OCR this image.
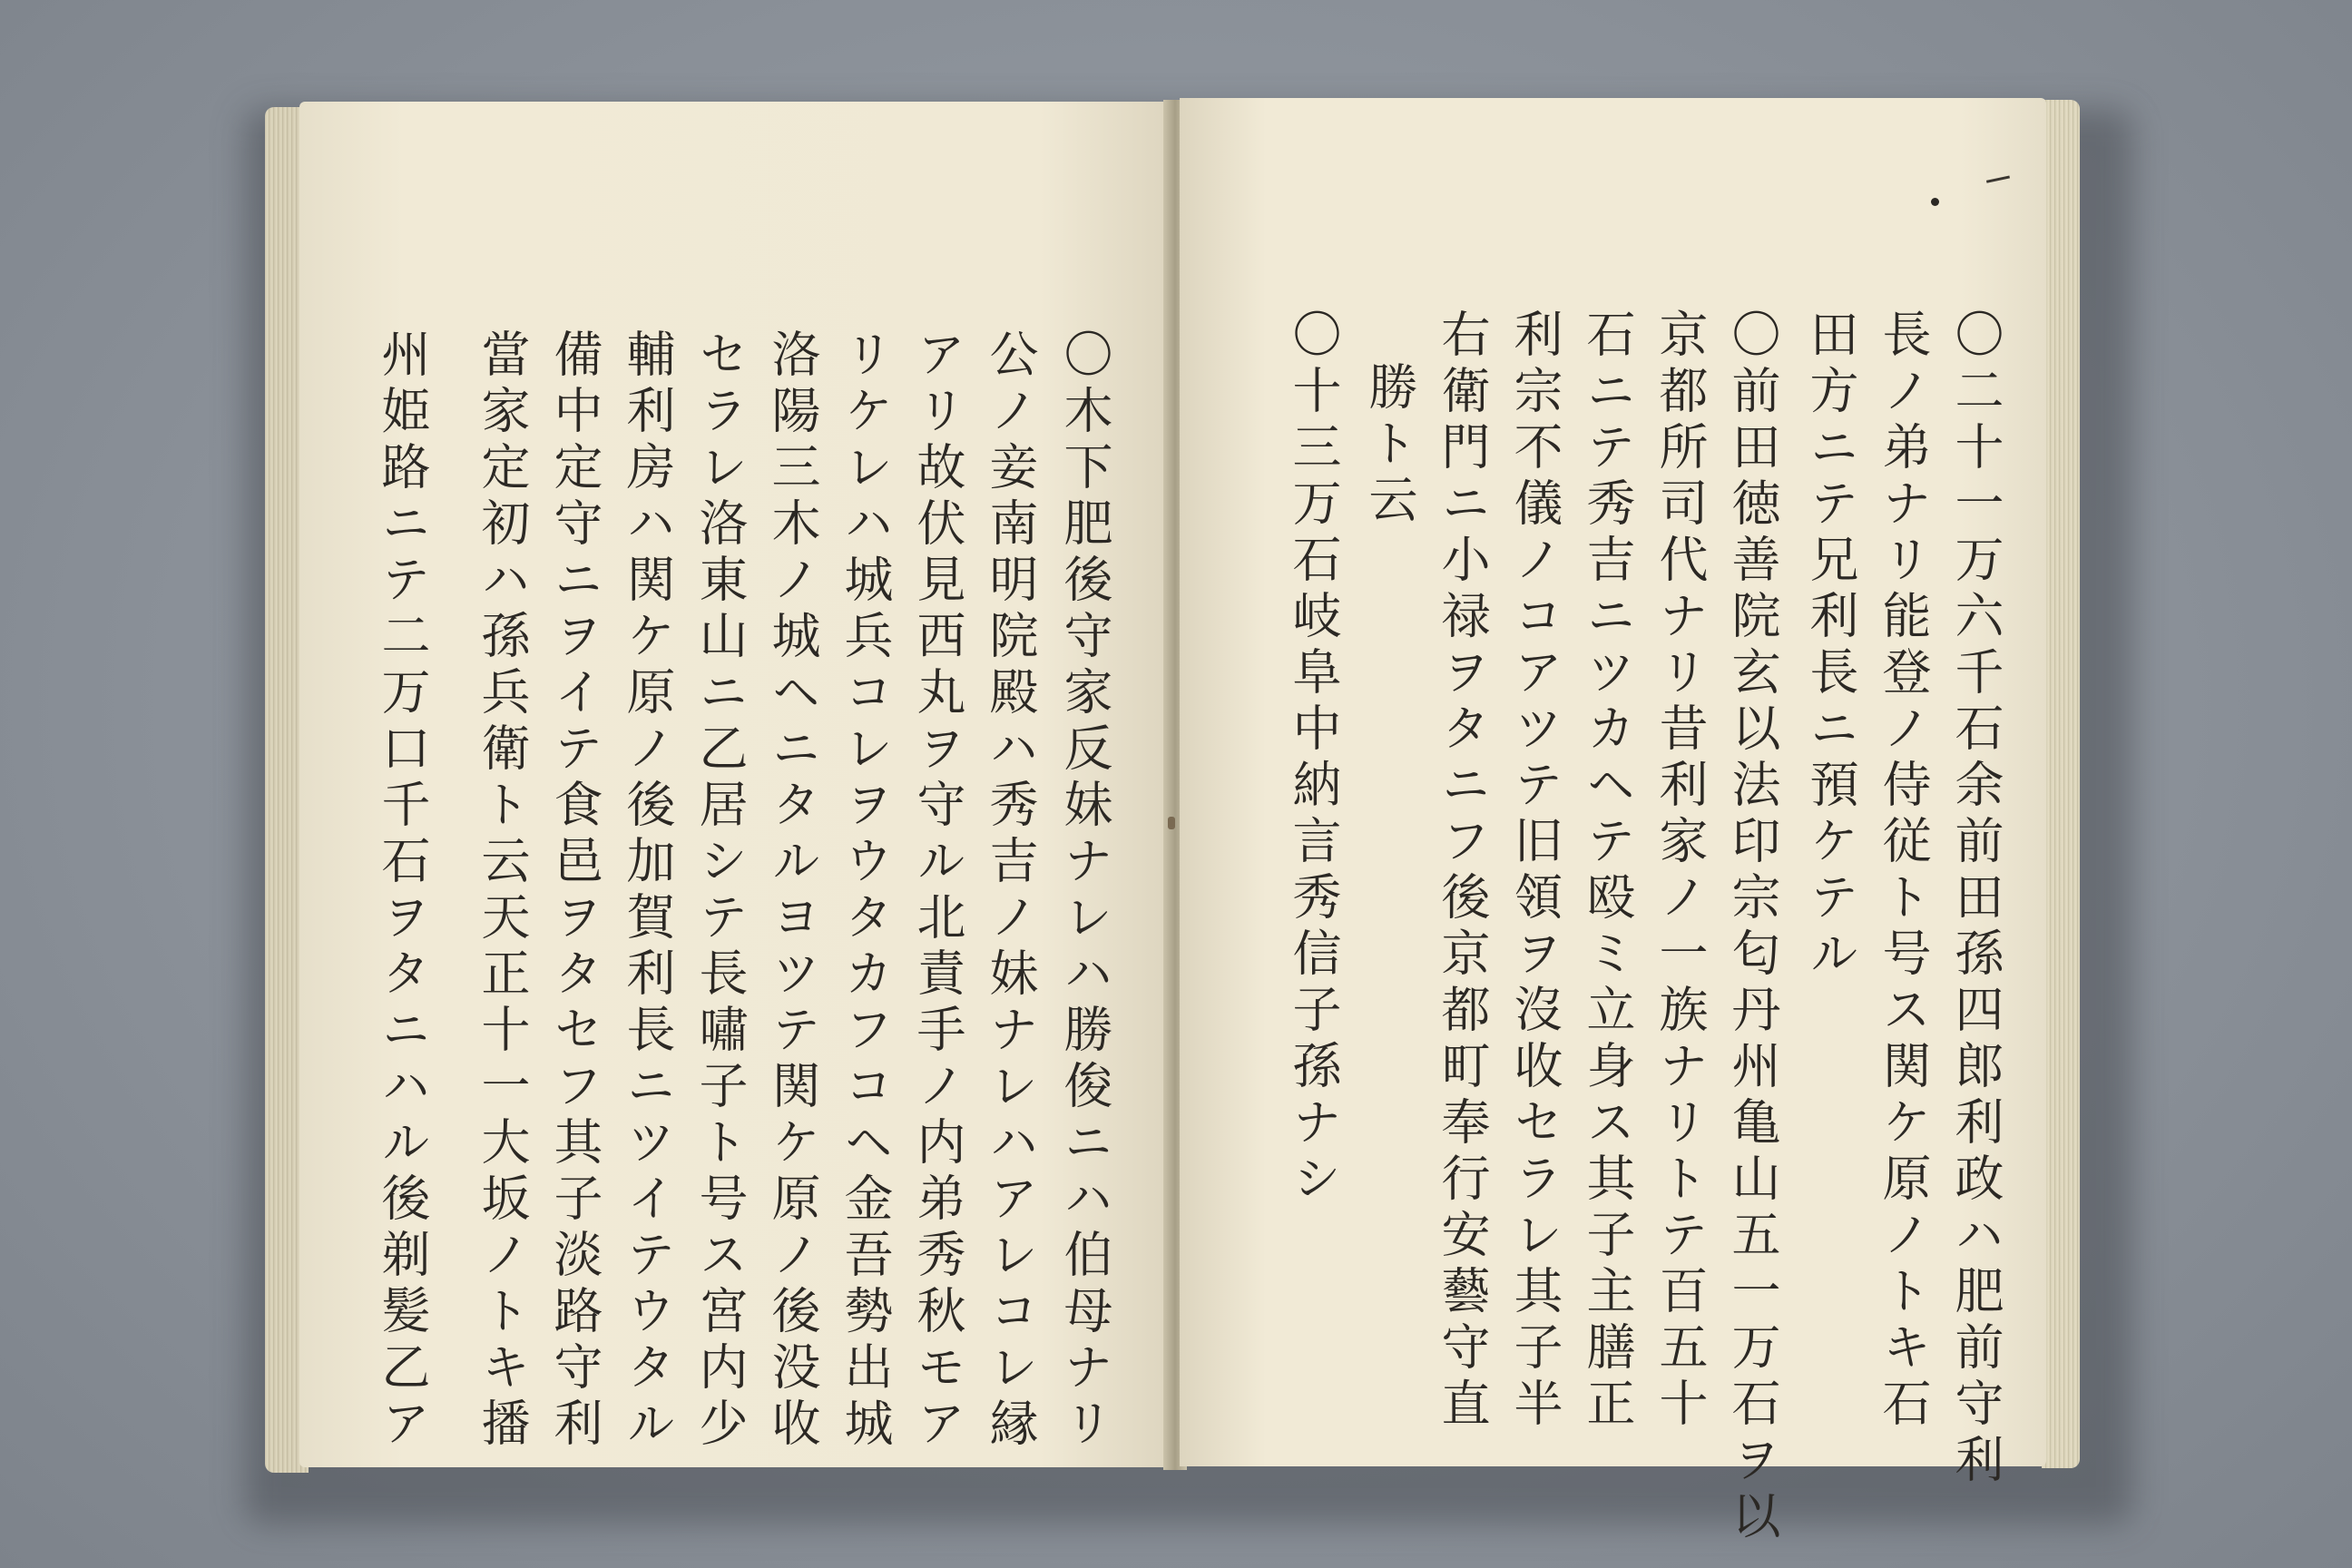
〇木下肥後守家反妹ナレハ勝俊ニハ伯母ナリ
公ノ妾南明院殿ハ秀吉ノ妹ナレハアレコレ縁
アリ故伏見西丸ヲ守ル北責手ノ内弟秀秋モア
リケレハ城兵コレヲウタカフコヘ金吾勢出城
洛陽三木ノ城ヘニタルヨツテ関ケ原ノ後没收
セラレ洛東山ニ乙居シテ長嘯子ト号ス宮内少
輔利房ハ関ケ原ノ後加賀利長ニツイテウタル
備中定守ニヲイテ食邑ヲタセフ其子淡路守利
當家定初ハ孫兵衛ト云天正十一大坂ノトキ播
州姫路ニテ二万口千石ヲタニハル後剃髪乙ア	〇二十一万六千石余前田孫四郎利政ハ肥前守利
長ノ弟ナリ能登ノ侍従ト号ス関ケ原ノトキ石
田方ニテ兄利長ニ預ケテル
〇前田徳善院玄以法印宗匂丹州亀山五一万石ヲ以
京都所司代ナリ昔利家ノ一族ナリトテ百五十
石ニテ秀吉ニツカヘテ殴ミ立身ス其子主膳正
利宗不儀ノコアツテ旧領ヲ沒收セラレ其子半
右衛門ニ小禄ヲタニフ後京都町奉行安藝守直
勝ト云
〇十三万石岐阜中納言秀信子孫ナシ
